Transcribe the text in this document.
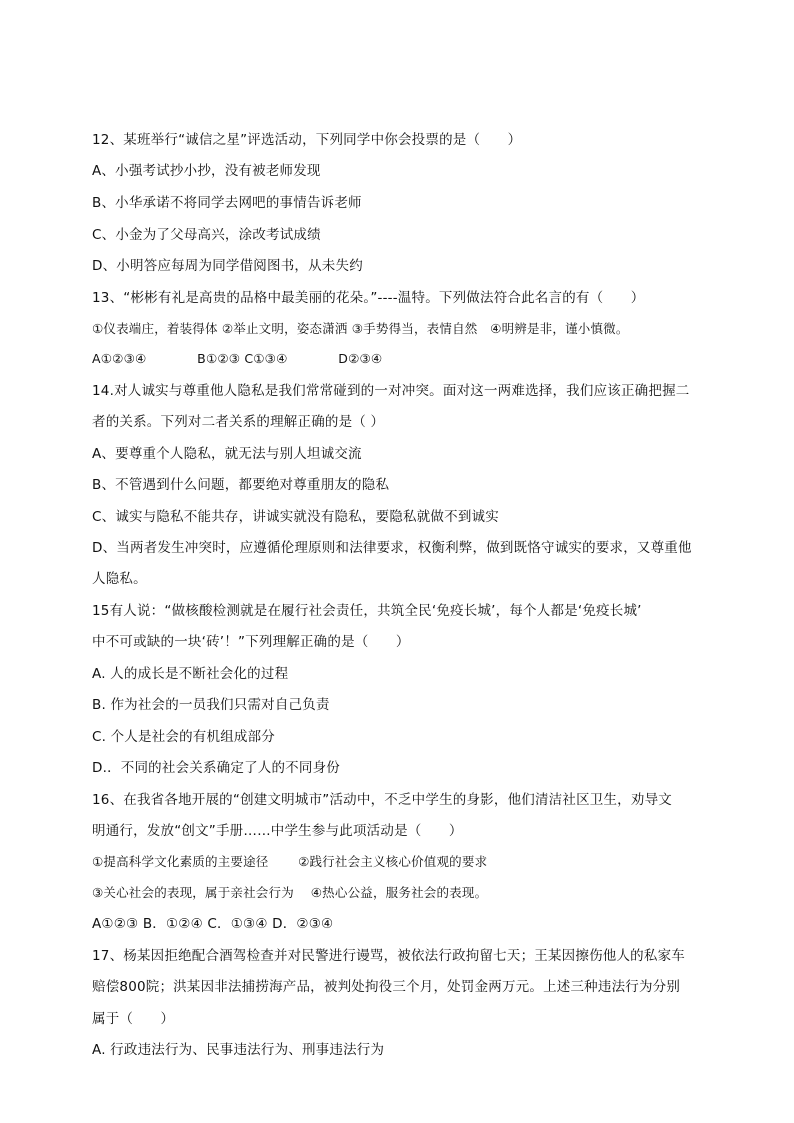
12、某班举行“诚信之星”评选活动，下列同学中你会投票的是（　　）
A、小强考试抄小抄，没有被老师发现
B、小华承诺不将同学去网吧的事情告诉老师
C、小金为了父母高兴，涂改考试成绩
D、小明答应每周为同学借阅图书，从未失约
13、“彬彬有礼是高贵的品格中最美丽的花朵。”----温特。下列做法符合此名言的有（　　）
①仪表端庄，着装得体 ②举止文明，姿态潇洒 ③手势得当，表情自然　④明辨是非，谨小慎微。
A①②③④　　　　B①②③ C①③④　　　　D②③④
14.对人诚实与尊重他人隐私是我们常常碰到的一对冲突。面对这一两难选择，我们应该正确把握二
者的关系。下列对二者关系的理解正确的是（ ）
A、要尊重个人隐私，就无法与别人坦诚交流
B、不管遇到什么问题，都要绝对尊重朋友的隐私
C、诚实与隐私不能共存，讲诚实就没有隐私，要隐私就做不到诚实
D、当两者发生冲突时，应遵循伦理原则和法律要求，权衡利弊，做到既恪守诚实的要求，又尊重他
人隐私。
15有人说：“做核酸检测就是在履行社会责任，共筑全民‘免疫长城’，每个人都是‘免疫长城’
中不可或缺的一块‘砖’！”下列理解正确的是（　　）
A. 人的成长是不断社会化的过程
B. 作为社会的一员我们只需对自己负责
C. 个人是社会的有机组成部分
D.．不同的社会关系确定了人的不同身份
16、在我省各地开展的“创建文明城市”活动中，不乏中学生的身影，他们清洁社区卫生，劝导文
明通行，发放“创文”手册……中学生参与此项活动是（　　）
①提高科学文化素质的主要途径　　 ②践行社会主义核心价值观的要求
③关心社会的表现，属于亲社会行为　 ④热心公益，服务社会的表现。
A①②③ B．①②④ C．①③④ D．②③④
17、杨某因拒绝配合酒驾检查并对民警进行谩骂，被依法行政拘留七天；王某因擦伤他人的私家车
赔偿800院；洪某因非法捕捞海产品，被判处拘役三个月，处罚金两万元。上述三种违法行为分别
属于（　　）
A. 行政违法行为、民事违法行为、刑事违法行为
